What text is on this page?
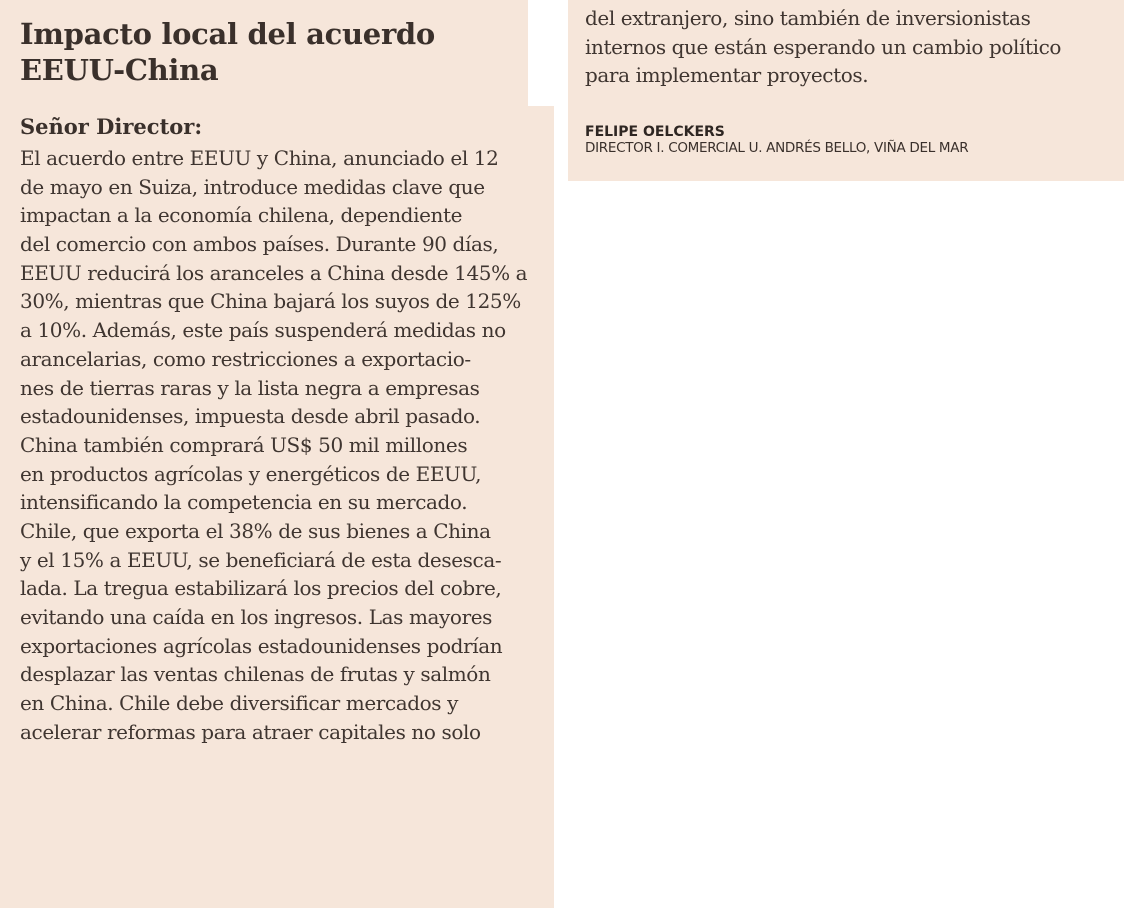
Impacto local del acuerdo
EEUU-China

Señor Director:

El acuerdo entre EEUU y China, anunciado el 12
de mayo en Suiza, introduce medidas clave que
impactan a la economía chilena, dependiente
del comercio con ambos países. Durante 90 días,
EEUU reducirá los aranceles a China desde 145% a
30%, mientras que China bajará los suyos de 125%
a 10%. Además, este país suspenderá medidas no
arancelarias, como restricciones a exportacio-
nes de tierras raras y la lista negra a empresas
estadounidenses, impuesta desde abril pasado.
China también comprará US$ 50 mil millones
en productos agrícolas y energéticos de EEUU,
intensificando la competencia en su mercado.
Chile, que exporta el 38% de sus bienes a China
y el 15% a EEUU, se beneficiará de esta desesca-
lada. La tregua estabilizará los precios del cobre,
evitando una caída en los ingresos. Las mayores
exportaciones agrícolas estadounidenses podrían
desplazar las ventas chilenas de frutas y salmón
en China. Chile debe diversificar mercados y
acelerar reformas para atraer capitales no solo
del extranjero, sino también de inversionistas
internos que están esperando un cambio político
para implementar proyectos.
FELIPE OELCKERS
DIRECTOR I. COMERCIAL U. ANDRÉS BELLO, VIÑA DEL MAR
